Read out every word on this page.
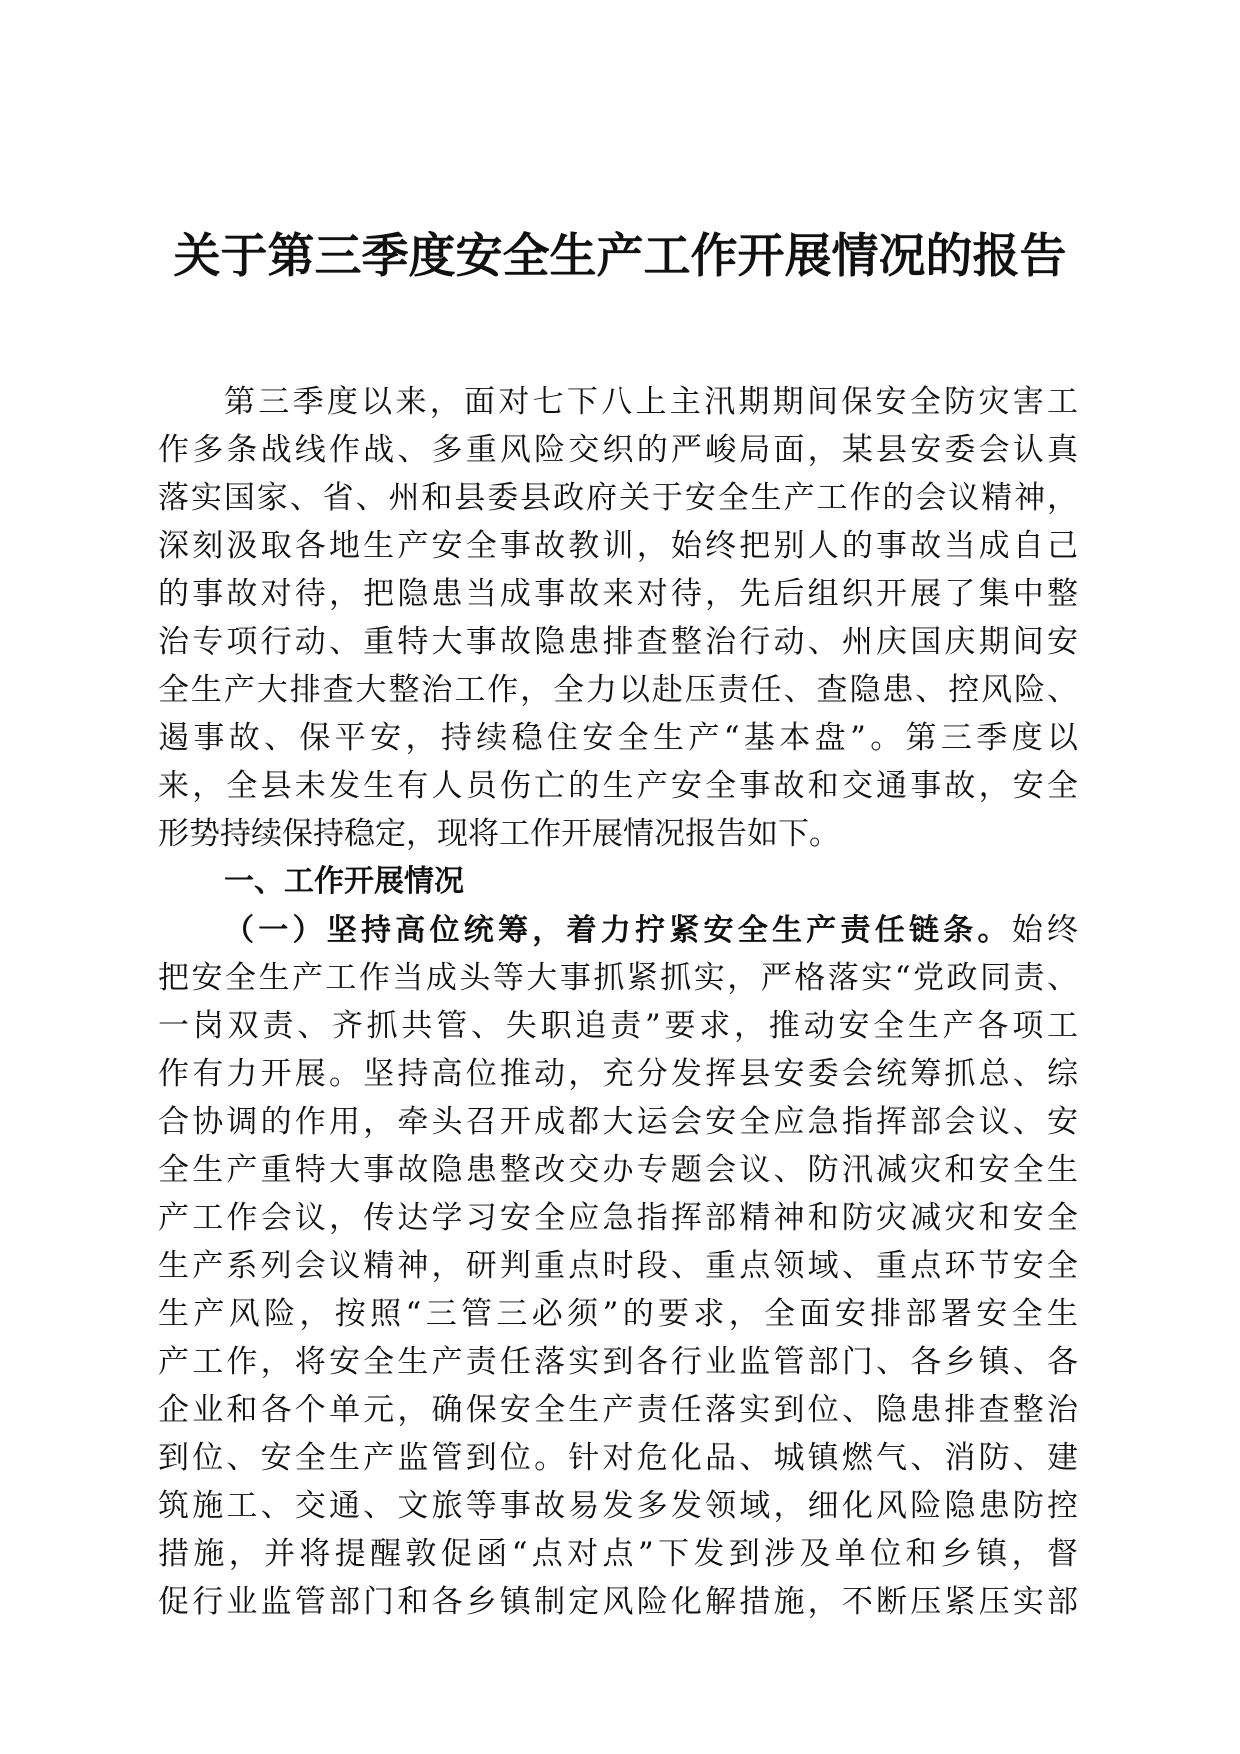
关于第三季度安全生产工作开展情况的报告
第三季度以来，面对七下八上主汛期期间保安全防灾害工
作多条战线作战、多重风险交织的严峻局面，某县安委会认真
落实国家、省、州和县委县政府关于安全生产工作的会议精神，
深刻汲取各地生产安全事故教训，始终把别人的事故当成自己
的事故对待，把隐患当成事故来对待，先后组织开展了集中整
治专项行动、重特大事故隐患排查整治行动、州庆国庆期间安
全生产大排查大整治工作，全力以赴压责任、查隐患、控风险、
遏事故、保平安，持续稳住安全生产“基本盘”。第三季度以
来，全县未发生有人员伤亡的生产安全事故和交通事故，安全
形势持续保持稳定，现将工作开展情况报告如下。
一、工作开展情况
（一）坚持高位统筹，着力拧紧安全生产责任链条。始终
把安全生产工作当成头等大事抓紧抓实，严格落实“党政同责、
一岗双责、齐抓共管、失职追责”要求，推动安全生产各项工
作有力开展。坚持高位推动，充分发挥县安委会统筹抓总、综
合协调的作用，牵头召开成都大运会安全应急指挥部会议、安
全生产重特大事故隐患整改交办专题会议、防汛减灾和安全生
产工作会议，传达学习安全应急指挥部精神和防灾减灾和安全
生产系列会议精神，研判重点时段、重点领域、重点环节安全
生产风险，按照“三管三必须”的要求，全面安排部署安全生
产工作，将安全生产责任落实到各行业监管部门、各乡镇、各
企业和各个单元，确保安全生产责任落实到位、隐患排查整治
到位、安全生产监管到位。针对危化品、城镇燃气、消防、建
筑施工、交通、文旅等事故易发多发领域，细化风险隐患防控
措施，并将提醒敦促函“点对点”下发到涉及单位和乡镇，督
促行业监管部门和各乡镇制定风险化解措施，不断压紧压实部
